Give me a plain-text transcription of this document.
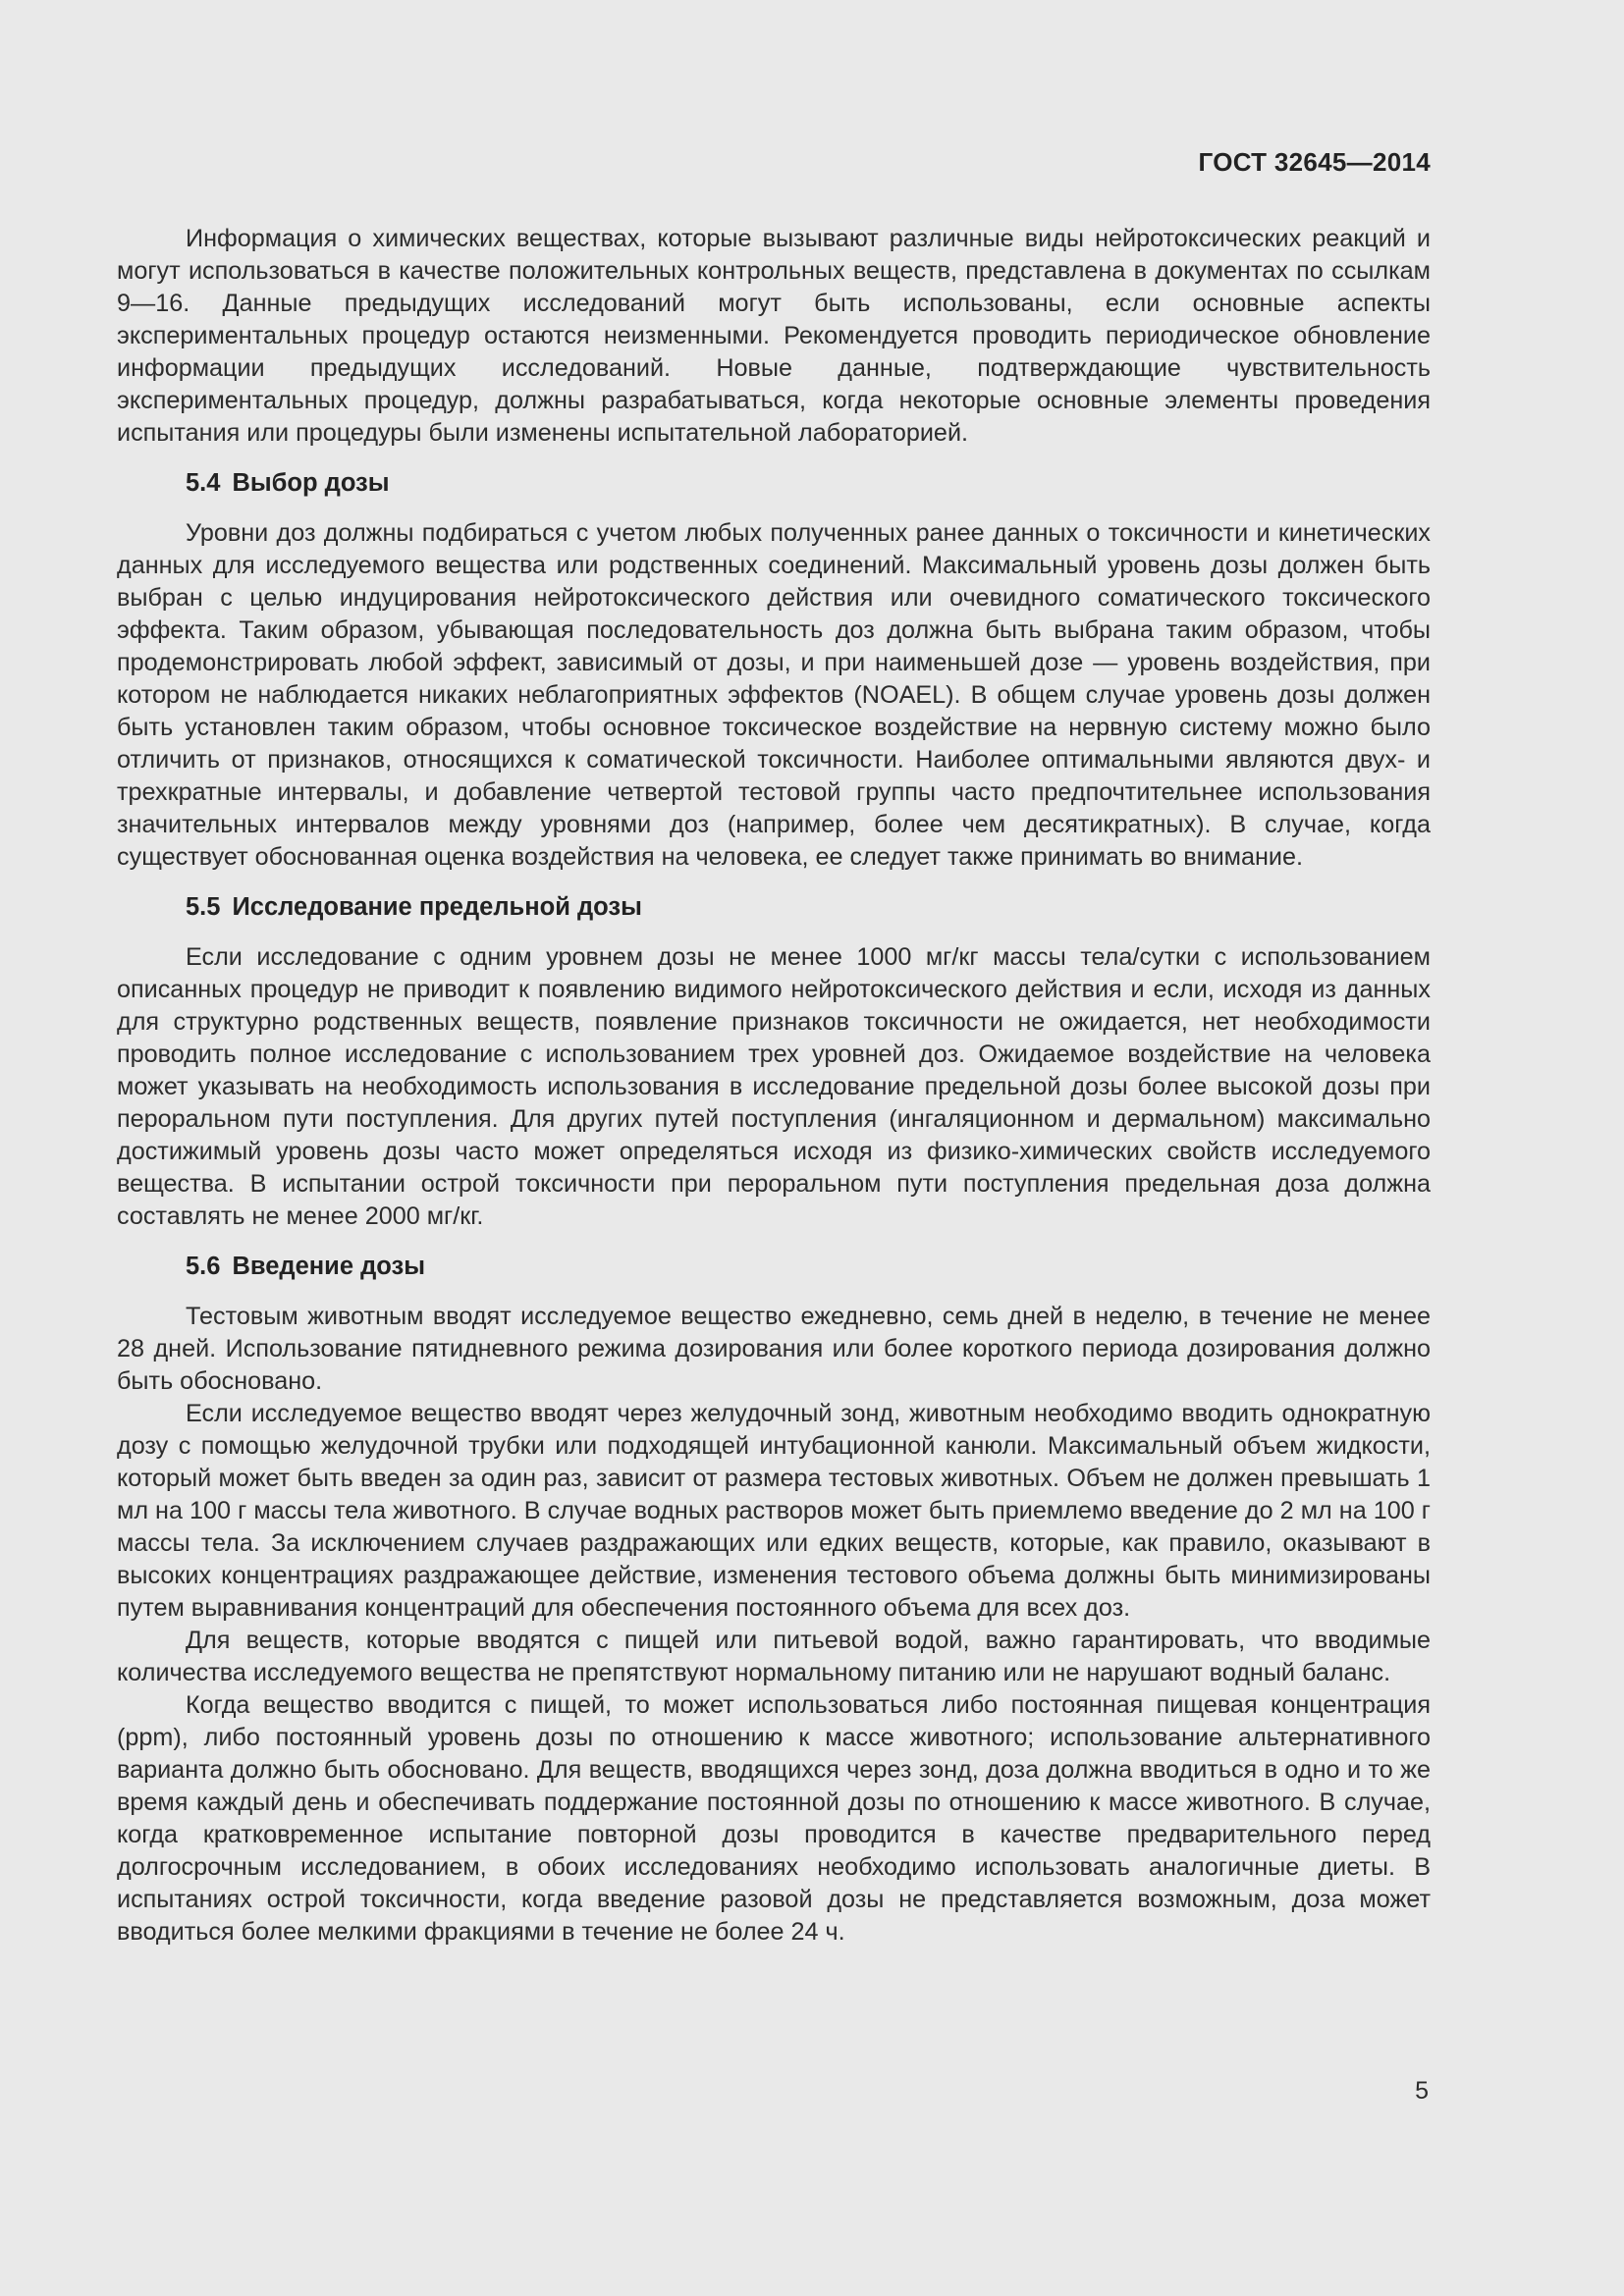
ГОСТ 32645—2014

Информация о химических веществах, которые вызывают различные виды нейротоксических реакций и могут использоваться в качестве положительных контрольных веществ, представлена в документах по ссылкам 9—16. Данные предыдущих исследований могут быть использованы, если основные аспекты экспериментальных процедур остаются неизменными. Рекомендуется проводить периодическое обновление информации предыдущих исследований. Новые данные, подтверждающие чувствительность экспериментальных процедур, должны разрабатываться, когда некоторые основные элементы проведения испытания или процедуры были изменены испытательной лабораторией.

5.4 Выбор дозы

Уровни доз должны подбираться с учетом любых полученных ранее данных о токсичности и кинетических данных для исследуемого вещества или родственных соединений. Максимальный уровень дозы должен быть выбран с целью индуцирования нейротоксического действия или очевидного соматического токсического эффекта. Таким образом, убывающая последовательность доз должна быть выбрана таким образом, чтобы продемонстрировать любой эффект, зависимый от дозы, и при наименьшей дозе — уровень воздействия, при котором не наблюдается никаких неблагоприятных эффектов (NOAEL). В общем случае уровень дозы должен быть установлен таким образом, чтобы основное токсическое воздействие на нервную систему можно было отличить от признаков, относящихся к соматической токсичности. Наиболее оптимальными являются двух- и трехкратные интервалы, и добавление четвертой тестовой группы часто предпочтительнее использования значительных интервалов между уровнями доз (например, более чем десятикратных). В случае, когда существует обоснованная оценка воздействия на человека, ее следует также принимать во внимание.

5.5 Исследование предельной дозы

Если исследование с одним уровнем дозы не менее 1000 мг/кг массы тела/сутки с использованием описанных процедур не приводит к появлению видимого нейротоксического действия и если, исходя из данных для структурно родственных веществ, появление признаков токсичности не ожидается, нет необходимости проводить полное исследование с использованием трех уровней доз. Ожидаемое воздействие на человека может указывать на необходимость использования в исследование предельной дозы более высокой дозы при пероральном пути поступления. Для других путей поступления (ингаляционном и дермальном) максимально достижимый уровень дозы часто может определяться исходя из физико-химических свойств исследуемого вещества. В испытании острой токсичности при пероральном пути поступления предельная доза должна составлять не менее 2000 мг/кг.

5.6 Введение дозы

Тестовым животным вводят исследуемое вещество ежедневно, семь дней в неделю, в течение не менее 28 дней. Использование пятидневного режима дозирования или более короткого периода дозирования должно быть обосновано.

Если исследуемое вещество вводят через желудочный зонд, животным необходимо вводить однократную дозу с помощью желудочной трубки или подходящей интубационной канюли. Максимальный объем жидкости, который может быть введен за один раз, зависит от размера тестовых животных. Объем не должен превышать 1 мл на 100 г массы тела животного. В случае водных растворов может быть приемлемо введение до 2 мл на 100 г массы тела. За исключением случаев раздражающих или едких веществ, которые, как правило, оказывают в высоких концентрациях раздражающее действие, изменения тестового объема должны быть минимизированы путем выравнивания концентраций для обеспечения постоянного объема для всех доз.

Для веществ, которые вводятся с пищей или питьевой водой, важно гарантировать, что вводимые количества исследуемого вещества не препятствуют нормальному питанию или не нарушают водный баланс.

Когда вещество вводится с пищей, то может использоваться либо постоянная пищевая концентрация (ppm), либо постоянный уровень дозы по отношению к массе животного; использование альтернативного варианта должно быть обосновано. Для веществ, вводящихся через зонд, доза должна вводиться в одно и то же время каждый день и обеспечивать поддержание постоянной дозы по отношению к массе животного. В случае, когда кратковременное испытание повторной дозы проводится в качестве предварительного перед долгосрочным исследованием, в обоих исследованиях необходимо использовать аналогичные диеты. В испытаниях острой токсичности, когда введение разовой дозы не представляется возможным, доза может вводиться более мелкими фракциями в течение не более 24 ч.

5
